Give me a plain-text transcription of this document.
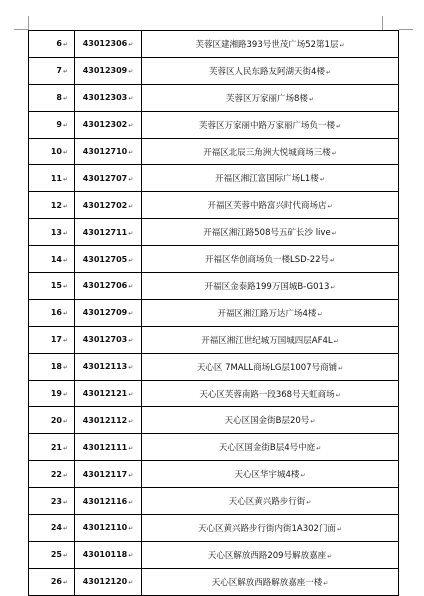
6↵	43012306↵	芙蓉区建湘路393号世茂广场52第1层↵
7↵	43012309↵	芙蓉区人民东路友阿湖天街4楼↵
8↵	43012303↵	芙蓉区万家丽广场8楼↵
9↵	43012302↵	芙蓉区万家丽中路万家丽广场负一楼↵
10↵	43012710↵	开福区北辰三角洲大悦城商场三楼↵
11↵	43012707↵	开福区湘江富国际广场L1楼↵
12↵	43012702↵	开福区芙蓉中路富兴时代商场店↵
13↵	43012711↵	开福区湘江路508号五矿长沙 live↵
14↵	43012705↵	开福区华创商场负一楼LSD-22号↵
15↵	43012706↵	开福区金泰路199万国城B-G013↵
16↵	43012709↵	开福区湘江路万达广场4楼↵
17↵	43012703↵	开福区湘江世纪城万国城四层AF4L↵
18↵	43012113↵	天心区 7MALL商场LG层1007号商铺↵
19↵	43012121↵	天心区芙蓉南路一段368号天虹商场↵
20↵	43012112↵	天心区国金街B层20号↵
21↵	43012111↵	天心区国金街B层4号中庭↵
22↵	43012117↵	天心区华宇城4楼↵
23↵	43012116↵	天心区黄兴路步行街↵
24↵	43012110↵	天心区黄兴路步行街内街1A302门面↵
25↵	43010118↵	天心区解放西路209号解放嘉座↵
26↵	43012120↵	天心区解放西路解放嘉座一楼↵
